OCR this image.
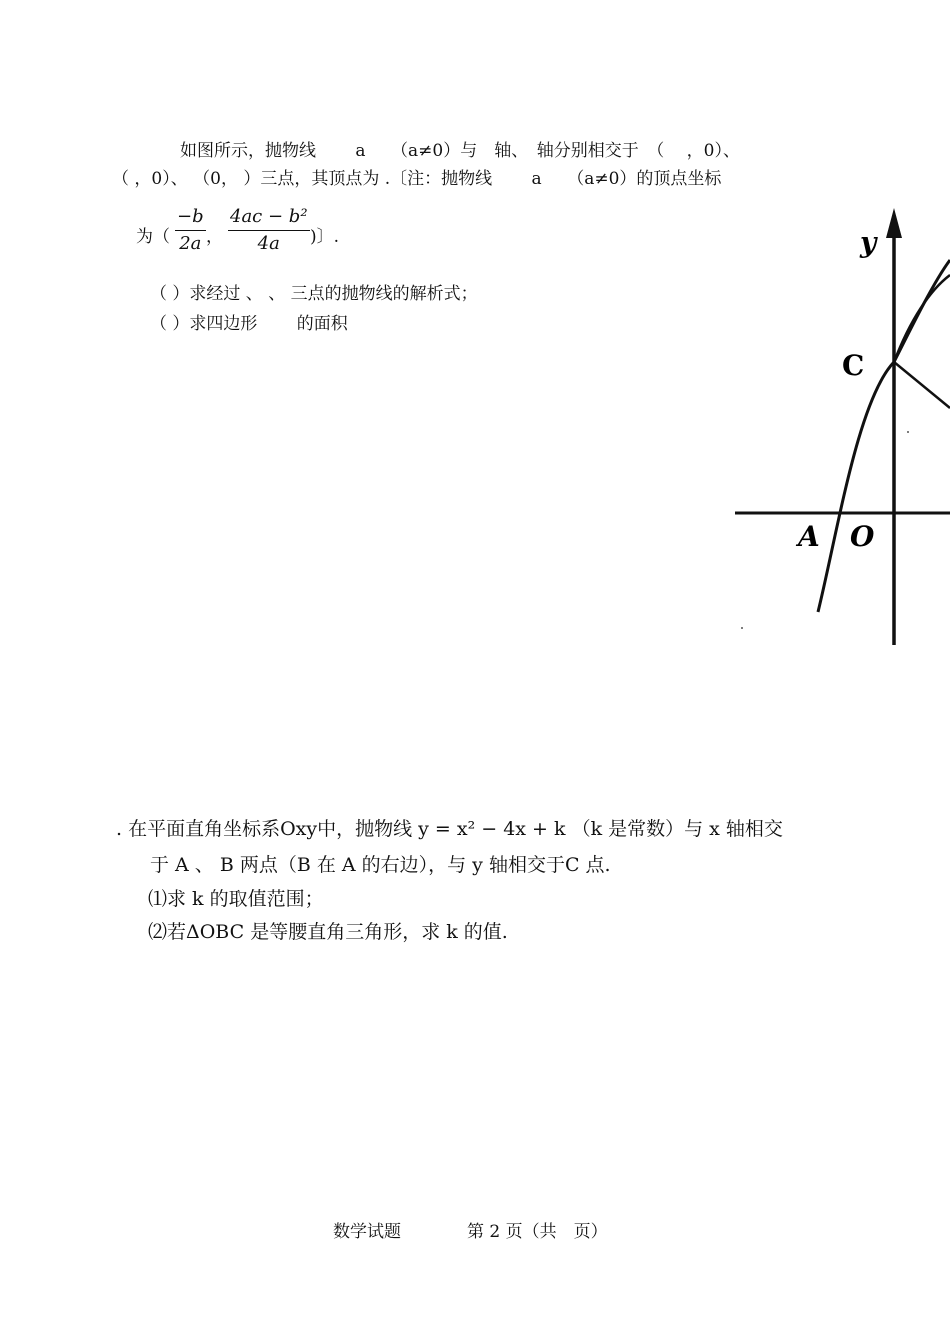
如图所示，抛物线　　 a　　（a≠0）与　轴、　轴分别相交于　（　 ，0）、
（ ，0）、 （0， ）三点，其顶点为 .〔注：抛物线　　 a　　（a≠0）的顶点坐标
为（ $\frac{-b}{2a}$ ， $\frac{\text{4ac − b²}}{4a}$ )〕.
（ ）求经过 、 、 三点的抛物线的解析式；
（ ）求四边形　　 的面积
y
C
A O
. 在平面直角坐标系Oxy中，抛物线 y = x² − 4x + k （k 是常数）与 x 轴相交
于 A 、 B 两点（B 在 A 的右边），与 y 轴相交于C 点.
⑴求 k 的取值范围；
⑵若ΔOBC 是等腰直角三角形，求 k 的值.
数学试题	第 2 页（共　页）
